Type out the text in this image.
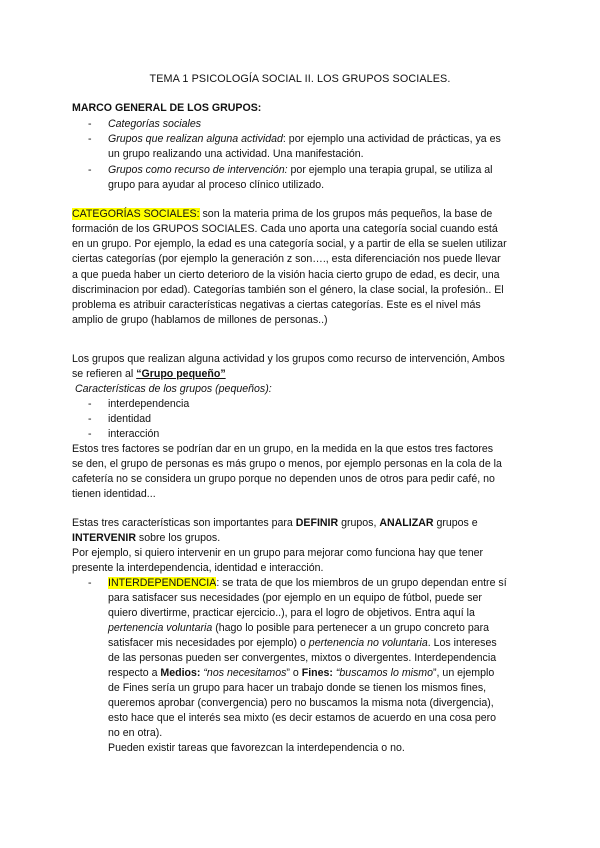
TEMA 1 PSICOLOGÍA SOCIAL II. LOS GRUPOS SOCIALES.
MARCO GENERAL DE LOS GRUPOS:
- Categorías sociales
- Grupos que realizan alguna actividad: por ejemplo una actividad de prácticas, ya es
un grupo realizando una actividad. Una manifestación.
- Grupos como recurso de intervención: por ejemplo una terapia grupal, se utiliza al
grupo para ayudar al proceso clínico utilizado.
CATEGORÍAS SOCIALES: son la materia prima de los grupos más pequeños, la base de
formación de los GRUPOS SOCIALES. Cada uno aporta una categoría social cuando está
en un grupo. Por ejemplo, la edad es una categoría social, y a partir de ella se suelen utilizar
ciertas categorías (por ejemplo la generación z son…., esta diferenciación nos puede llevar
a que pueda haber un cierto deterioro de la visión hacia cierto grupo de edad, es decir, una
discriminacion por edad). Categorías también son el género, la clase social, la profesión.. El
problema es atribuir características negativas a ciertas categorías. Este es el nivel más
amplio de grupo (hablamos de millones de personas..)
Los grupos que realizan alguna actividad y los grupos como recurso de intervención, Ambos
se refieren al “Grupo pequeño”
Características de los grupos (pequeños):
- interdependencia
- identidad
- interacción
Estos tres factores se podrían dar en un grupo, en la medida en la que estos tres factores
se den, el grupo de personas es más grupo o menos, por ejemplo personas en la cola de la
cafetería no se considera un grupo porque no dependen unos de otros para pedir café, no
tienen identidad...
Estas tres características son importantes para DEFINIR grupos, ANALIZAR grupos e
INTERVENIR sobre los grupos.
Por ejemplo, si quiero intervenir en un grupo para mejorar como funciona hay que tener
presente la interdependencia, identidad e interacción.
- INTERDEPENDENCIA: se trata de que los miembros de un grupo dependan entre sí
para satisfacer sus necesidades (por ejemplo en un equipo de fútbol, puede ser
quiero divertirme, practicar ejercicio..), para el logro de objetivos. Entra aquí la
pertenencia voluntaria (hago lo posible para pertenecer a un grupo concreto para
satisfacer mis necesidades por ejemplo) o pertenencia no voluntaria. Los intereses
de las personas pueden ser convergentes, mixtos o divergentes. Interdependencia
respecto a Medios: “nos necesitamos” o Fines: “buscamos lo mismo”, un ejemplo
de Fines sería un grupo para hacer un trabajo donde se tienen los mismos fines,
queremos aprobar (convergencia) pero no buscamos la misma nota (divergencia),
esto hace que el interés sea mixto (es decir estamos de acuerdo en una cosa pero
no en otra).
Pueden existir tareas que favorezcan la interdependencia o no.
